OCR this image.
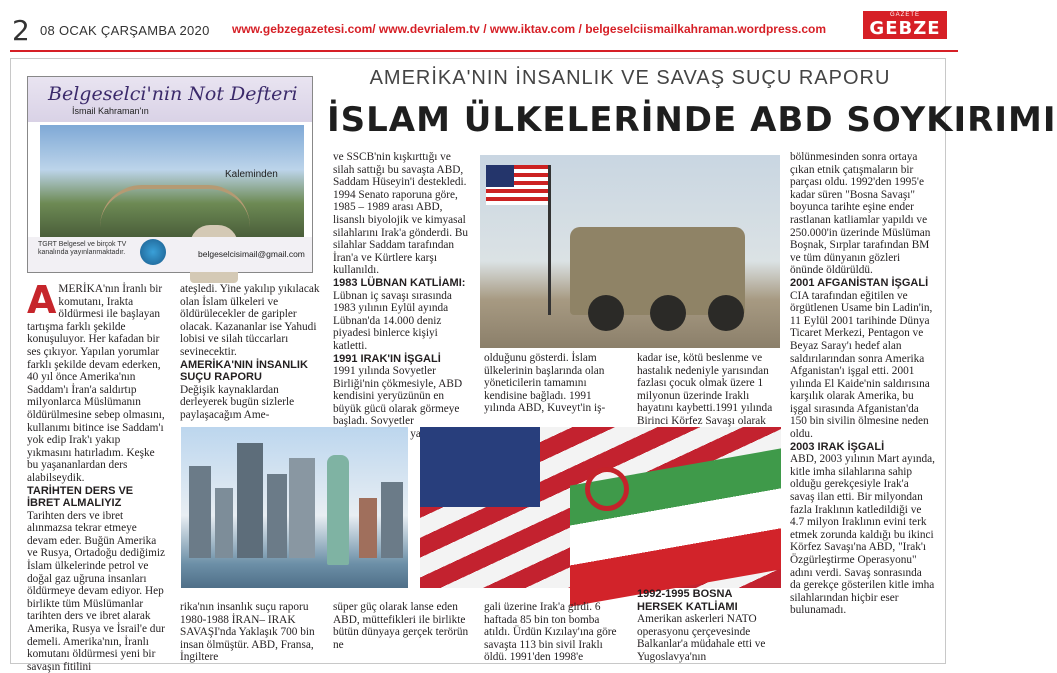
2 08 OCAK ÇARŞAMBA 2020 www.gebzegazetesi.com/ www.devrialem.tv / www.iktav.com / belgeselciismailkahraman.wordpress.com
GAZETE
GEBZE
Belgeselci'nin Not Defteri
İsmail Kahraman'ın
Kaleminden
TGRT Belgesel ve birçok TV kanalında yayınlanmaktadır.	belgeselcisimail@gmail.com
AMERİKA'NIN İNSANLIK VE SAVAŞ SUÇU RAPORU
İSLAM ÜLKELERİNDE ABD SOYKIRIMI
A MERİKA'nın İranlı bir komutanı, Irakta öldürmesi ile başlayan tartışma farklı şekilde konuşuluyor. Her kafadan bir ses çıkıyor. Yapılan yorumlar farklı şekilde devam ederken, 40 yıl önce Amerika'nın Saddam'ı İran'a saldırtıp milyonlarca Müslümanın öldürülmesine sebep olmasını, kullanımı bitince ise Saddam'ı yok edip Irak'ı yakıp yıkmasını hatırladım. Keşke bu yaşananlardan ders alabilseydik.

TARİHTEN DERS VE İBRET ALMALIYIZ

Tarihten ders ve ibret alınmazsa tekrar etmeye devam eder. Buğün Amerika ve Rusya, Ortadoğu dediğimiz İslam ülkelerinde petrol ve doğal gaz uğruna insanları öldürmeye devam ediyor. Hep birlikte tüm Müslümanlar tarihten ders ve ibret alarak Amerika, Rusya ve İsrail'e dur demeli. Amerika'nın, İranlı komutanı öldürmesi yeni bir savaşın fitilini

ateşledi. Yine yakılıp yıkılacak olan İslam ülkeleri ve öldürülecekler de garipler olacak. Kazananlar ise Yahudi lobisi ve silah tüccarları sevinecektir.

AMERİKA'NIN İNSANLIK SUÇU RAPORU

Değişik kaynaklardan derleyerek bugün sizlerle paylaşacağım Ame-

ve SSCB'nin kışkırttığı ve silah sattığı bu savaşta ABD, Saddam Hüseyin'i destekledi. 1994 Senato raporuna göre, 1985 – 1989 arası ABD, lisanslı biyolojik ve kimyasal silahlarını Irak'a gönderdi. Bu silahlar Saddam tarafından İran'a ve Kürtlere karşı kullanıldı.

1983 LÜBNAN KATLİAMI:

Lübnan iç savaşı sırasında 1983 yılının Eylül ayında Lübnan'da 14.000 deniz piyadesi binlerce kişiyi katletti.

1991 IRAK'IN İŞGALİ

1991 yılında Sovyetler Birliği'nin çökmesiyle, ABD kendisini yeryüzünün en büyük gücü olarak görmeye başladı. Sovyetler

olduğunu gösterdi. İslam ülkelerinin başlarında olan yöneticilerin tamamını kendisine bağladı. 1991 yılında ABD, Kuveyt'in iş-

kadar ise, kötü beslenme ve hastalık nedeniyle yarısından fazlası çocuk olmak üzere 1 milyonun üzerinde Iraklı hayatını kaybetti.1991 yılında Birinci Körfez Savaşı olarak

bölünmesinden sonra ortaya çıkan etnik çatışmaların bir parçası oldu. 1992'den 1995'e kadar süren "Bosna Savaşı" boyunca tarihte eşine ender rastlanan katliamlar yapıldı ve 250.000'in üzerinde Müslüman Boşnak, Sırplar tarafından BM ve tüm dünyanın gözleri önünde öldürüldü.

2001 AFGANİSTAN İŞGALİ

CIA tarafından eğitilen ve örgütlenen Usame bin Ladin'in, 11 Eylül 2001 tarihinde Dünya Ticaret Merkezi, Pentagon ve Beyaz Saray'ı hedef alan saldırılarından sonra Amerika Afganistan'ı işgal etti. 2001 yılında El Kaide'nin saldırısına karşılık olarak Amerika, bu işgal sırasında Afganistan'da 150 bin sivilin ölmesine neden oldu.

2003 IRAK İŞGALİ

ABD, 2003 yılının Mart ayında, kitle imha silahlarına sahip olduğu gerekçesiyle Irak'a savaş ilan etti. Bir milyondan fazla Iraklının katledildiği ve 4.7 milyon Iraklının evini terk etmek zorunda kaldığı bu ikinci Körfez Savaşı'na ABD, "Irak'ı Özgürleştirme Operasyonu" adını verdi. Savaş sonrasında da gerekçe gösterilen kitle imha silahlarından hiçbir eser bulunamadı.

rika'nın insanlık suçu raporu 1980-1988 İRAN– IRAK SAVAŞI'nda Yaklaşık 700 bin insan ölmüştür. ABD, Fransa, İngiltere

süper güç olarak lanse eden ABD, müttefikleri ile birlikte bütün dünyaya gerçek terörün ne

gali üzerine Irak'a girdi. 6 haftada 85 bin ton bomba atıldı. Ürdün Kızılay'ına göre savaşta 113 bin sivil Iraklı öldü. 1991'den 1998'e

1992-1995 BOSNA HERSEK KATLİAMI

Amerikan askerleri NATO operasyonu çerçevesinde Balkanlar'a müdahale etti ve Yugoslavya'nın
